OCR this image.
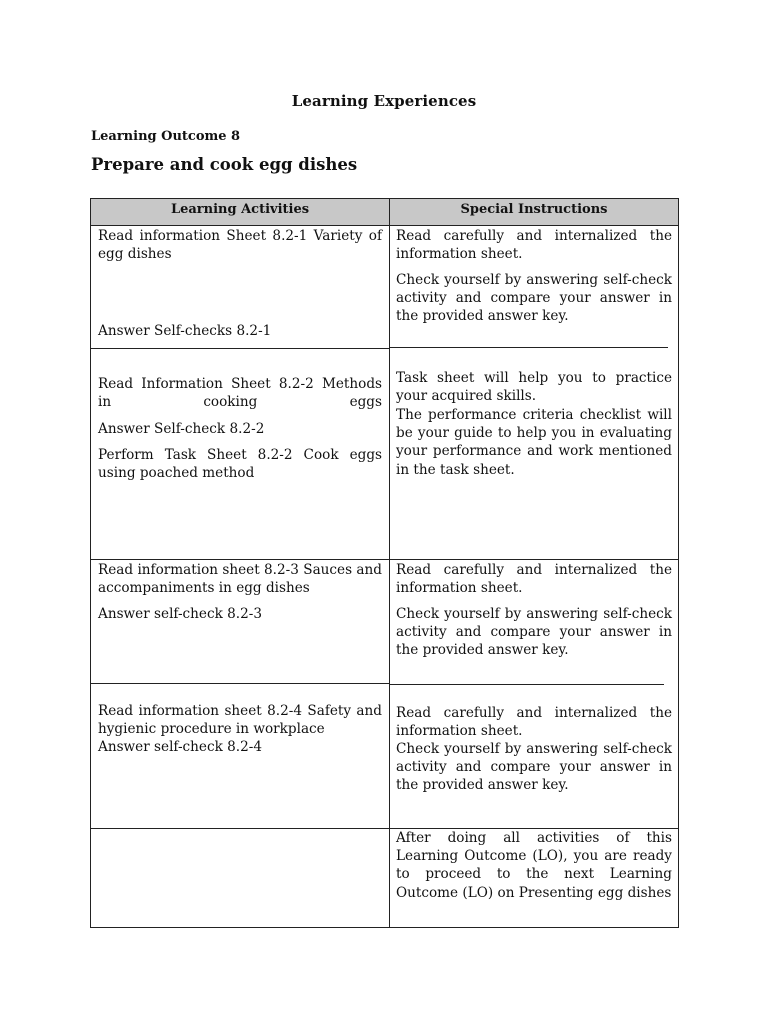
Learning Experiences
Learning Outcome 8
Prepare and cook egg dishes
Learning Activities	Special Instructions

Read information Sheet 8.2-1 Variety of egg dishes

Answer Self-checks 8.2-1

Read carefully and internalized the information sheet.

Check yourself by answering self-check activity and compare your answer in the provided answer key.

Read Information Sheet 8.2-2 Methods in cooking eggs

Answer Self-check 8.2-2

Perform Task Sheet 8.2-2 Cook eggs using poached method

Task sheet will help you to practice your acquired skills.

The performance criteria checklist will be your guide to help you in evaluating your performance and work mentioned in the task sheet.

Read information sheet 8.2-3 Sauces and accompaniments in egg dishes

Answer self-check 8.2-3

Read carefully and internalized the information sheet.

Check yourself by answering self-check activity and compare your answer in the provided answer key.

Read information sheet 8.2-4 Safety and hygienic procedure in workplace

Answer self-check 8.2-4

Read carefully and internalized the information sheet.

Check yourself by answering self-check activity and compare your answer in the provided answer key.

After doing all activities of this Learning Outcome (LO), you are ready to proceed to the next Learning Outcome (LO) on Presenting egg dishes
